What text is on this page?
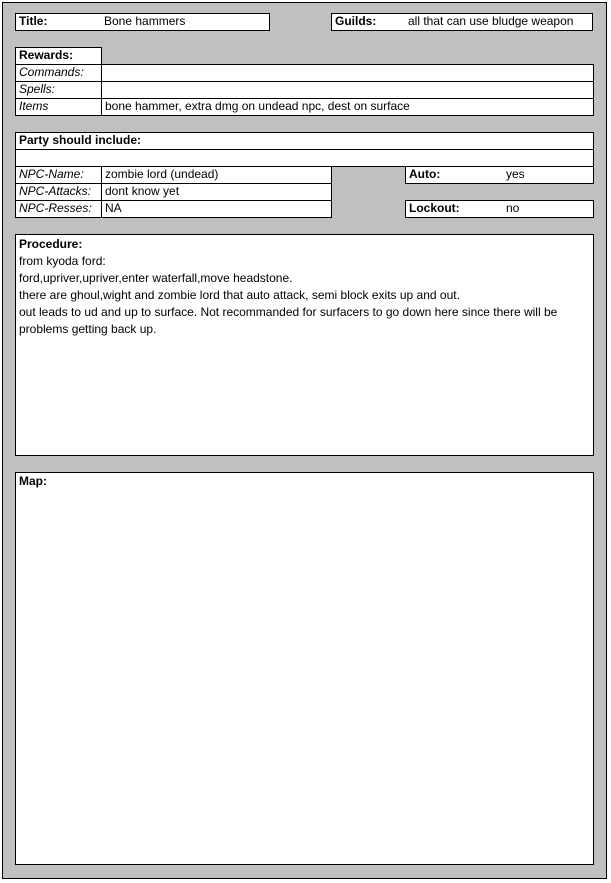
Title:	Bone hammers	Guilds:	all that can use bludge weapon
Rewards:
Commands:
Spells:
Items	bone hammer, extra dmg on undead npc, dest on surface
Party should include:
NPC-Name:	zombie lord (undead)
NPC-Attacks:	dont know yet
NPC-Resses:	NA
Auto:	yes
Lockout:	no
Procedure:
from kyoda ford:
ford,upriver,upriver,enter waterfall,move headstone.
there are ghoul,wight and zombie lord that auto attack, semi block exits up and out.
out leads to ud and up to surface. Not recommanded for surfacers to go down here since there will be problems getting back up.
Map:
